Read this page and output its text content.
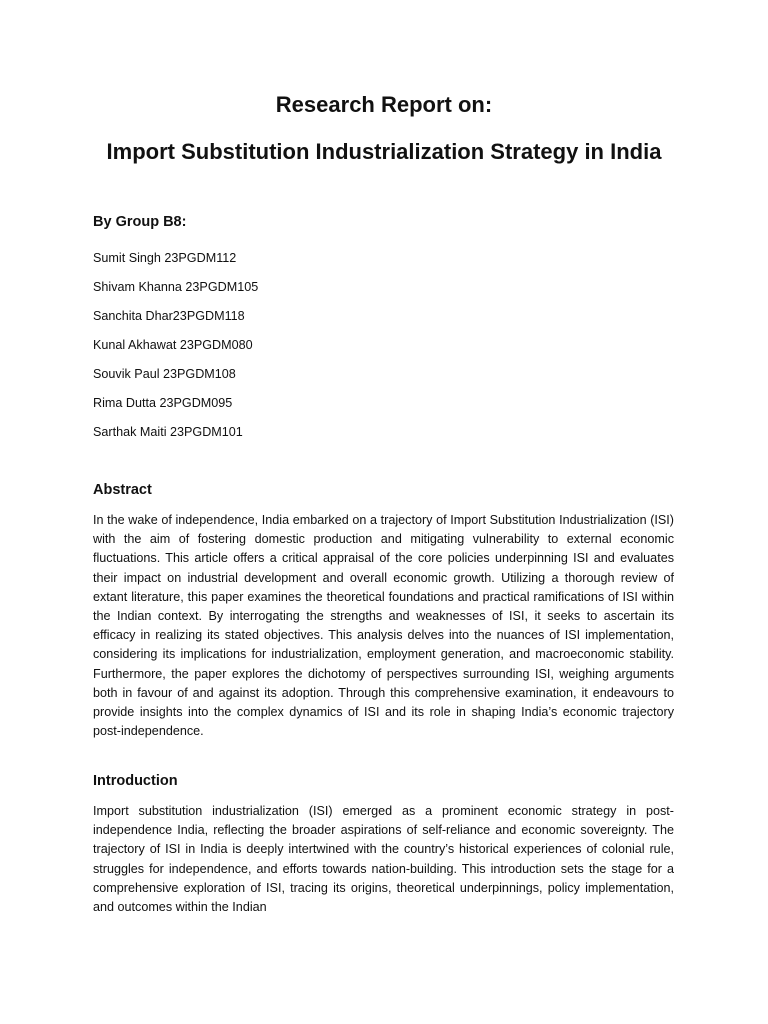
Research Report on:
Import Substitution Industrialization Strategy in India
By Group B8:
Sumit Singh 23PGDM112
Shivam Khanna 23PGDM105
Sanchita Dhar23PGDM118
Kunal Akhawat 23PGDM080
Souvik Paul 23PGDM108
Rima Dutta 23PGDM095
Sarthak Maiti 23PGDM101
Abstract

In the wake of independence, India embarked on a trajectory of Import Substitution Industrialization (ISI) with the aim of fostering domestic production and mitigating vulnerability to external economic fluctuations. This article offers a critical appraisal of the core policies underpinning ISI and evaluates their impact on industrial development and overall economic growth. Utilizing a thorough review of extant literature, this paper examines the theoretical foundations and practical ramifications of ISI within the Indian context. By interrogating the strengths and weaknesses of ISI, it seeks to ascertain its efficacy in realizing its stated objectives. This analysis delves into the nuances of ISI implementation, considering its implications for industrialization, employment generation, and macroeconomic stability. Furthermore, the paper explores the dichotomy of perspectives surrounding ISI, weighing arguments both in favour of and against its adoption. Through this comprehensive examination, it endeavours to provide insights into the complex dynamics of ISI and its role in shaping India’s economic trajectory post-independence.

Introduction

Import substitution industrialization (ISI) emerged as a prominent economic strategy in post-independence India, reflecting the broader aspirations of self-reliance and economic sovereignty. The trajectory of ISI in India is deeply intertwined with the country’s historical experiences of colonial rule, struggles for independence, and efforts towards nation-building. This introduction sets the stage for a comprehensive exploration of ISI, tracing its origins, theoretical underpinnings, policy implementation, and outcomes within the Indian
